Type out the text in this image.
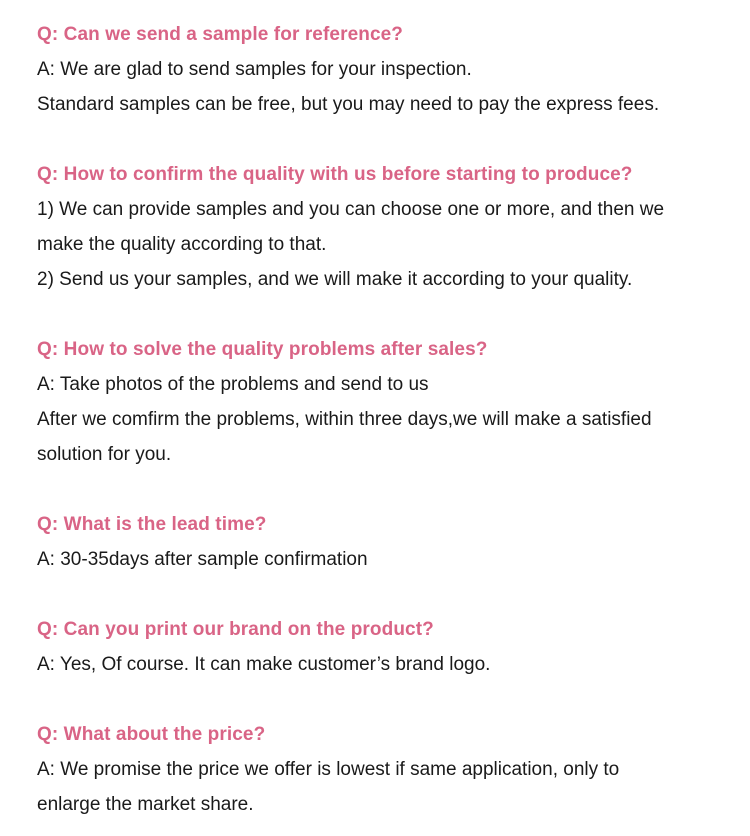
Q: Can we send a sample for reference?
A: We are glad to send samples for your inspection.
Standard samples can be free, but you may need to pay the express fees.
Q: How to confirm the quality with us before starting to produce?
1) We can provide samples and you can choose one or more, and then we
make the quality according to that.
2) Send us your samples, and we will make it according to your quality.
Q: How to solve the quality problems after sales?
A: Take photos of the problems and send to us
After we comfirm the problems, within three days,we will make a satisfied
solution for you.
Q: What is the lead time?
A: 30-35days after sample confirmation
Q: Can you print our brand on the product?
A: Yes, Of course. It can make customer’s brand logo.
Q: What about the price?
A: We promise the price we offer is lowest if same application, only to
enlarge the market share.
